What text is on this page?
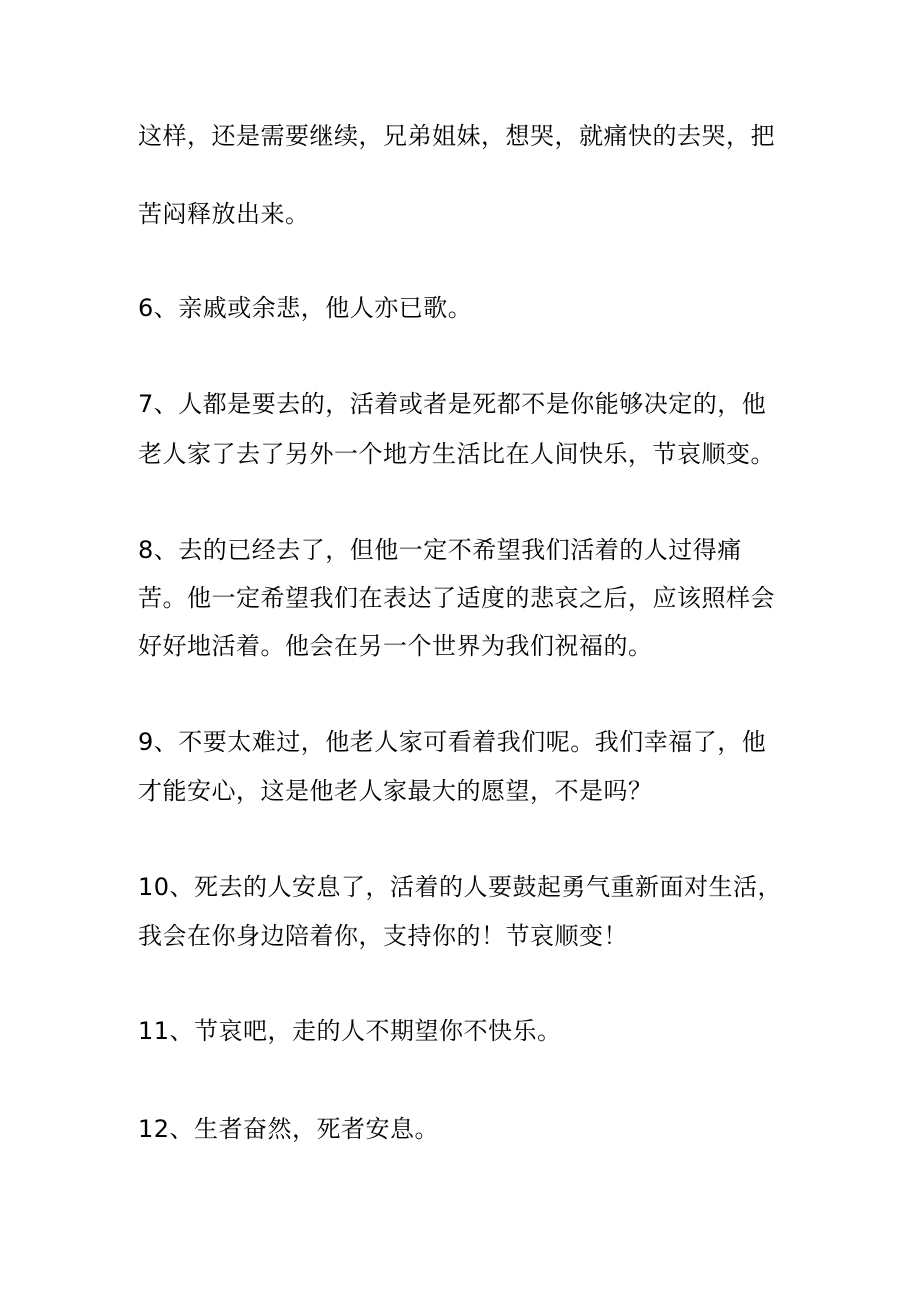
这样，还是需要继续，兄弟姐妹，想哭，就痛快的去哭，把
苦闷释放出来。
6、亲戚或余悲，他人亦已歌。
7、人都是要去的，活着或者是死都不是你能够决定的，他
老人家了去了另外一个地方生活比在人间快乐，节哀顺变。
8、去的已经去了，但他一定不希望我们活着的人过得痛
苦。他一定希望我们在表达了适度的悲哀之后，应该照样会
好好地活着。他会在另一个世界为我们祝福的。
9、不要太难过，他老人家可看着我们呢。我们幸福了，他
才能安心，这是他老人家最大的愿望，不是吗？
10、死去的人安息了，活着的人要鼓起勇气重新面对生活，
我会在你身边陪着你，支持你的！节哀顺变！
11、节哀吧，走的人不期望你不快乐。
12、生者奋然，死者安息。
